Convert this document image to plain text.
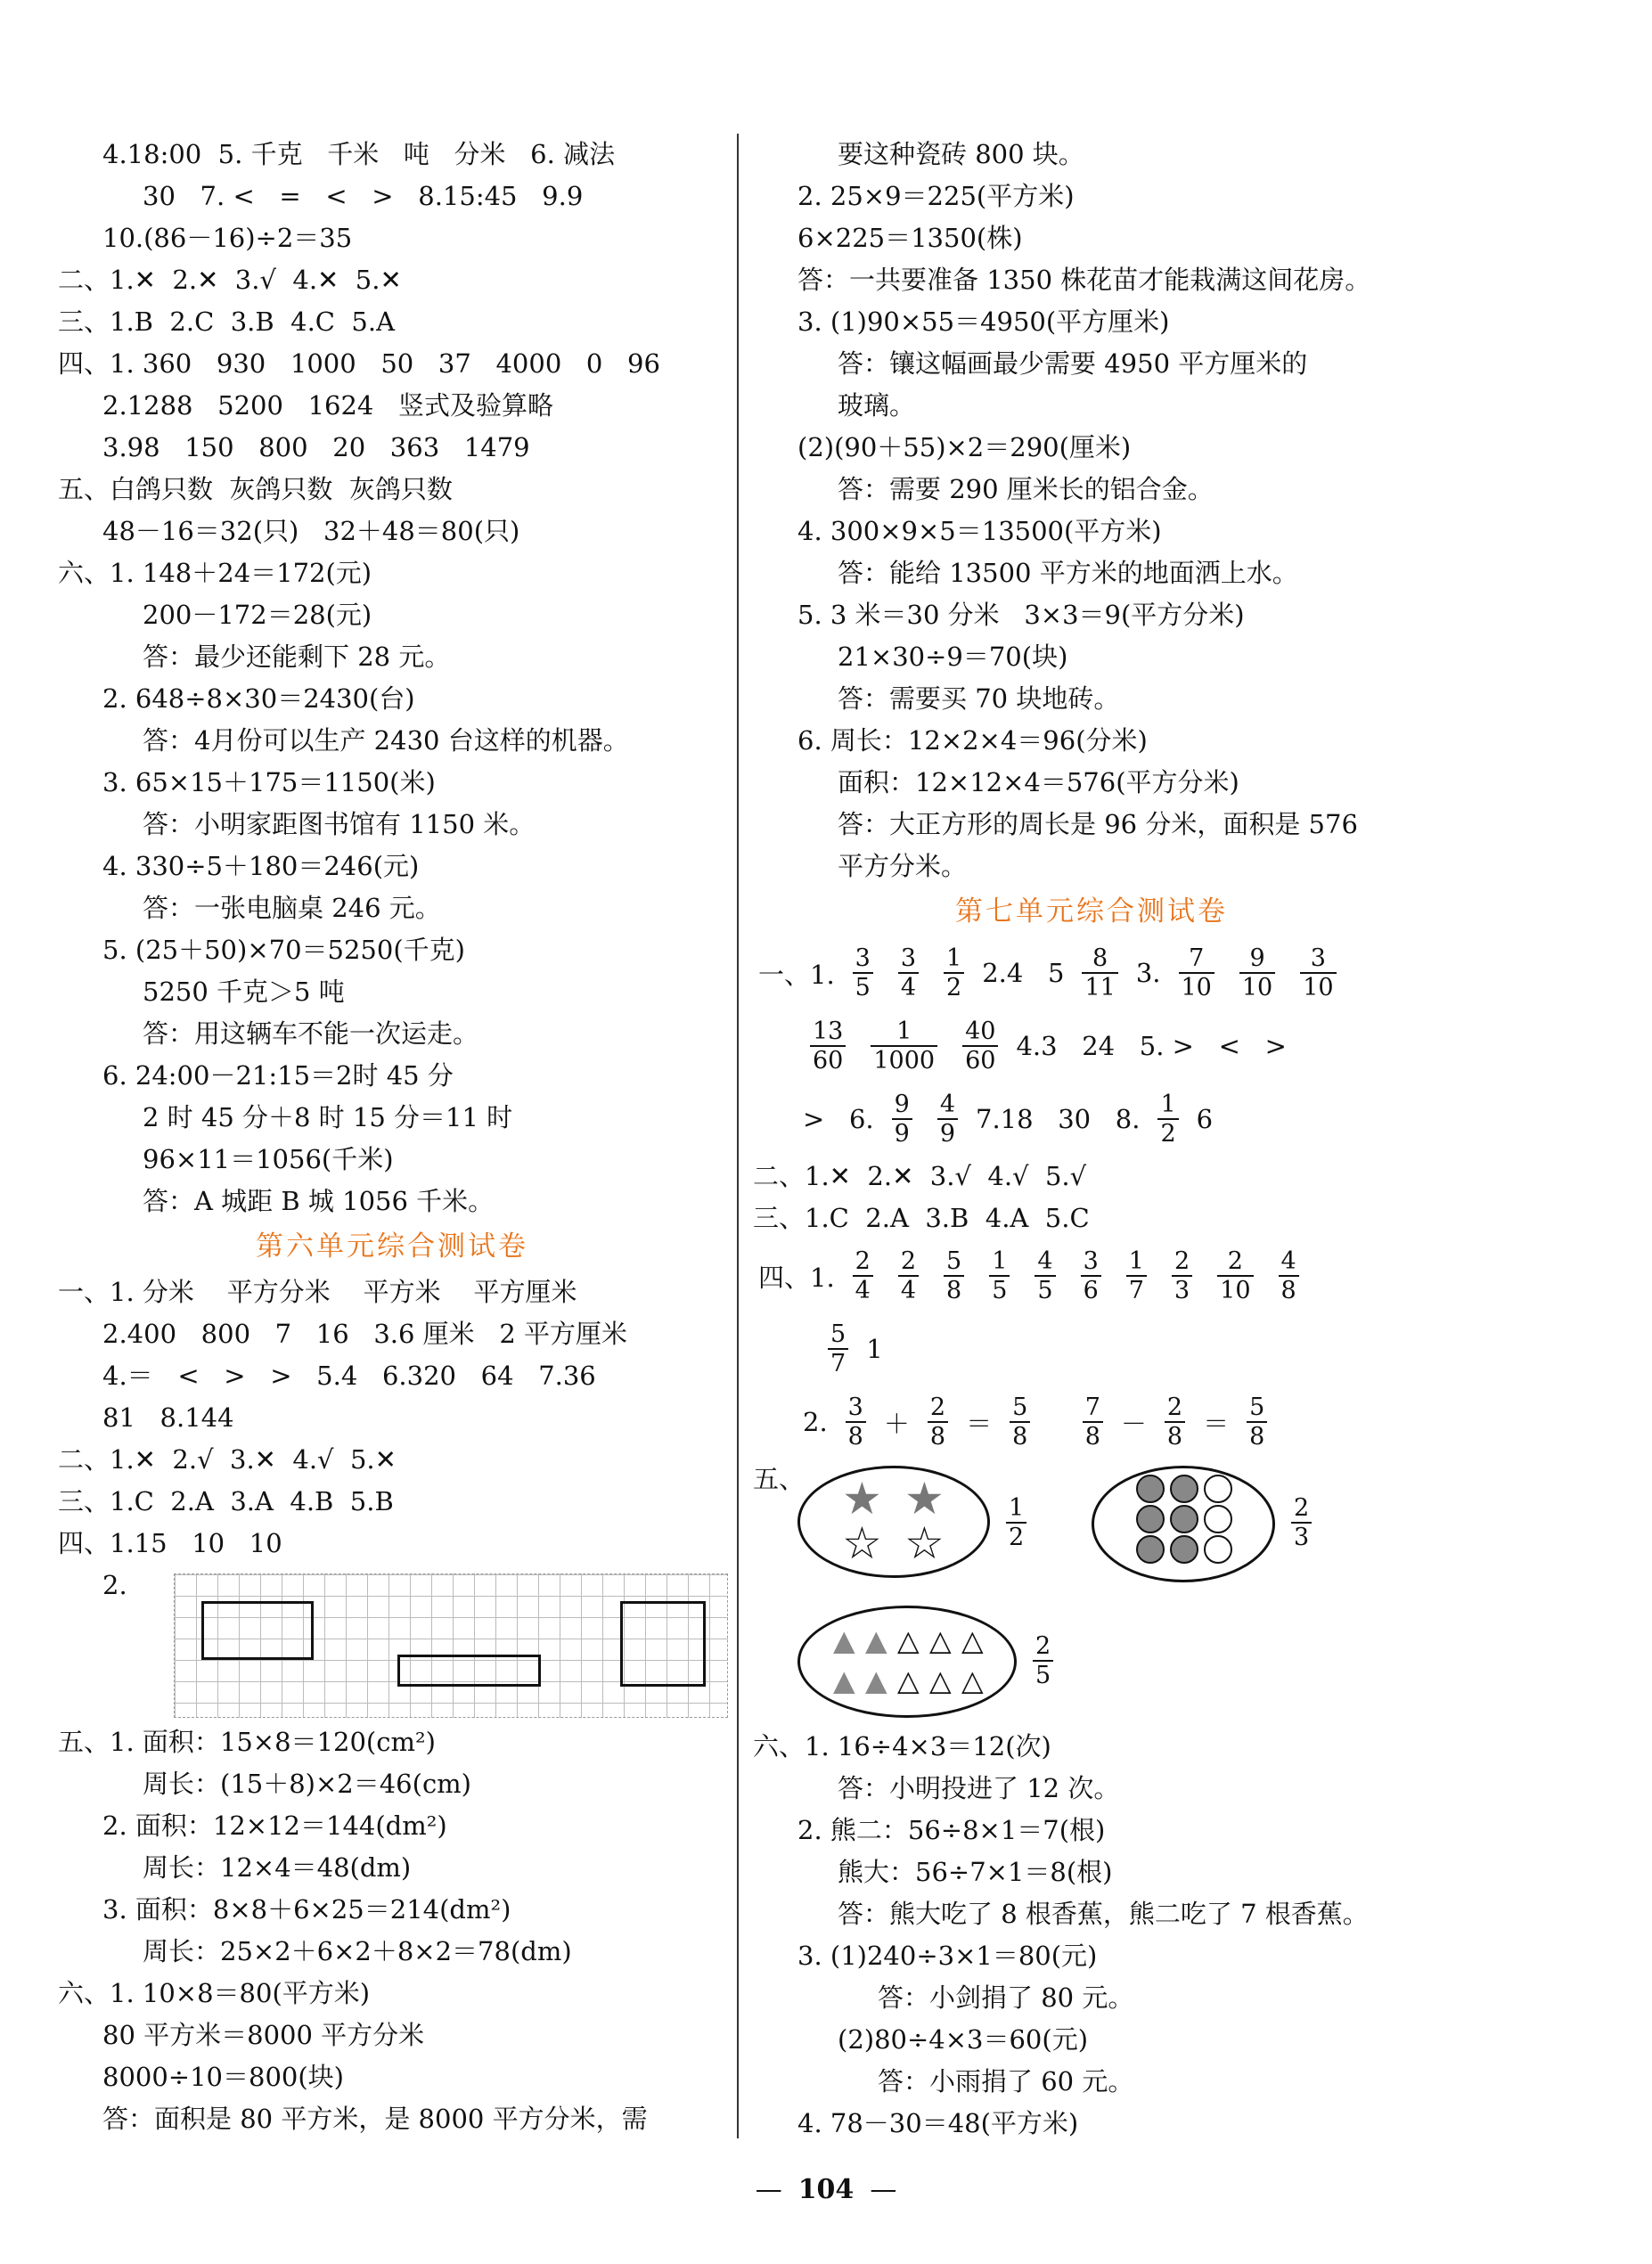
4.18:00  5. 千克   千米   吨   分米   6. 减法
30   7. <   =   <   >   8.15:45   9.9
10.(86－16)÷2＝35
二、1.✕  2.✕  3.√  4.✕  5.✕
三、1.B  2.C  3.B  4.C  5.A
四、1. 360   930   1000   50   37   4000   0   96
2.1288   5200   1624   竖式及验算略
3.98   150   800   20   363   1479
五、白鸽只数  灰鸽只数  灰鸽只数
48－16＝32(只)   32＋48＝80(只)
六、1. 148＋24＝172(元)
200－172＝28(元)
答：最少还能剩下 28 元。
2. 648÷8×30＝2430(台)
答：4月份可以生产 2430 台这样的机器。
3. 65×15＋175＝1150(米)
答：小明家距图书馆有 1150 米。
4. 330÷5＋180＝246(元)
答：一张电脑桌 246 元。
5. (25＋50)×70＝5250(千克)
5250 千克＞5 吨
答：用这辆车不能一次运走。
6. 24:00－21:15＝2时 45 分
2 时 45 分＋8 时 15 分＝11 时
96×11＝1056(千米)
答：A 城距 B 城 1056 千米。
第六单元综合测试卷
一、1. 分米    平方分米    平方米    平方厘米
2.400   800   7   16   3.6 厘米   2 平方厘米
4.＝   <   >   >   5.4   6.320   64   7.36
81   8.144
二、1.✕  2.√  3.✕  4.√  5.✕
三、1.C  2.A  3.A  4.B  5.B
四、1.15   10   10
2.
五、1. 面积：15×8＝120(cm²)
周长：(15＋8)×2＝46(cm)
2. 面积：12×12＝144(dm²)
周长：12×4＝48(dm)
3. 面积：8×8＋6×25＝214(dm²)
周长：25×2＋6×2＋8×2＝78(dm)
六、1. 10×8＝80(平方米)
80 平方米＝8000 平方分米
8000÷10＝800(块)
答：面积是 80 平方米，是 8000 平方分米，需
要这种瓷砖 800 块。
2. 25×9＝225(平方米)
6×225＝1350(株)
答：一共要准备 1350 株花苗才能栽满这间花房。
3. (1)90×55＝4950(平方厘米)
答：镶这幅画最少需要 4950 平方厘米的
玻璃。
(2)(90＋55)×2＝290(厘米)
答：需要 290 厘米长的铝合金。
4. 300×9×5＝13500(平方米)
答：能给 13500 平方米的地面洒上水。
5. 3 米＝30 分米   3×3＝9(平方分米)
21×30÷9＝70(块)
答：需要买 70 块地砖。
6. 周长：12×2×4＝96(分米)
面积：12×12×4＝576(平方分米)
答：大正方形的周长是 96 分米，面积是 576
平方分米。
第七单元综合测试卷
一、1. $\frac{3}{5} \frac{3}{4} \frac{1}{2} 2.4$   $5 \frac{8}{11} 3$. $\frac{7}{10} \frac{9}{10} \frac{3}{10}$
$\frac{13}{60} \frac{1}{1000} \frac{40}{60} 4.3$   24   5. >   <   >
>   6. $\frac{9}{9} \frac{4}{9} 7.18$   30   8. $\frac{1}{2} 6$
二、1.✕  2.✕  3.√  4.√  5.√
三、1.C  2.A  3.B  4.A  5.C
四、1. $\frac{2}{4} \frac{2}{4} \frac{5}{8} \frac{1}{5} \frac{4}{5} \frac{3}{6} \frac{1}{7} \frac{2}{3} \frac{2}{10} \frac{4}{8}$
$\frac{5}{7} 1$
2. $\frac{3}{8} + \frac{2}{8} = \frac{5}{8}$
$\frac{7}{8} - \frac{2}{8} = \frac{5}{8}$
五、 ★ ★
☆ ☆	$\frac{1}{2}$	$\frac{2}{3}$
▲ ▲ △ △ △
▲ ▲ △ △ △ $\frac{2}{5}$
六、1. 16÷4×3＝12(次)
答：小明投进了 12 次。
2. 熊二：56÷8×1＝7(根)
熊大：56÷7×1＝8(根)
答：熊大吃了 8 根香蕉，熊二吃了 7 根香蕉。
3. (1)240÷3×1＝80(元)
答：小剑捐了 80 元。
(2)80÷4×3＝60(元)
答：小雨捐了 60 元。
4. 78－30＝48(平方米)
— 104 —
